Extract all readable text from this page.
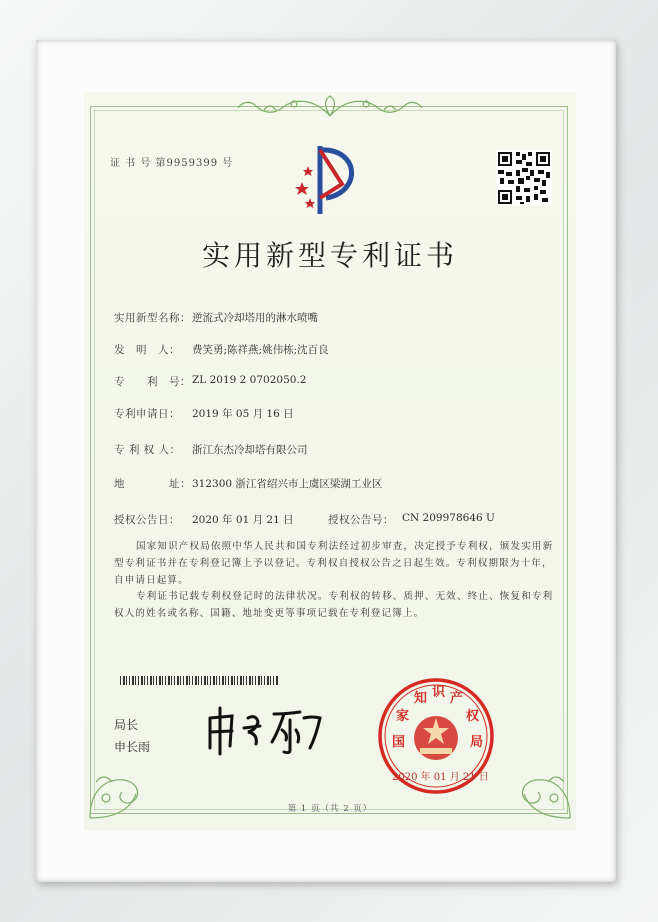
证 书 号 第9959399 号
实用新型专利证书
实用新型名称： 逆流式冷却塔用的淋水喷嘴
发　明　人： 费笑勇;陈祥燕;姚伟栋;沈百良
专　　利　号： ZL 2019 2 0702050.2
专利申请日： 2019 年 05 月 16 日
专 利 权 人： 浙江东杰冷却塔有限公司
地　　　　址： 312300 浙江省绍兴市上虞区梁湖工业区
授权公告日： 2020 年 01 月 21 日	授权公告号： CN 209978646 U
国家知识产权局依照中华人民共和国专利法经过初步审查，决定授予专利权，颁发实用新型专利证书并在专利登记簿上予以登记。专利权自授权公告之日起生效。专利权期限为十年，自申请日起算。
专利证书记载专利权登记时的法律状况。专利权的转移、质押、无效、终止、恢复和专利权人的姓名或名称、国籍、地址变更等事项记载在专利登记簿上。
局长
申长雨	国
家
知 识 产
权
局
2020 年 01 月 21 日
第 1 页（共 2 页）
